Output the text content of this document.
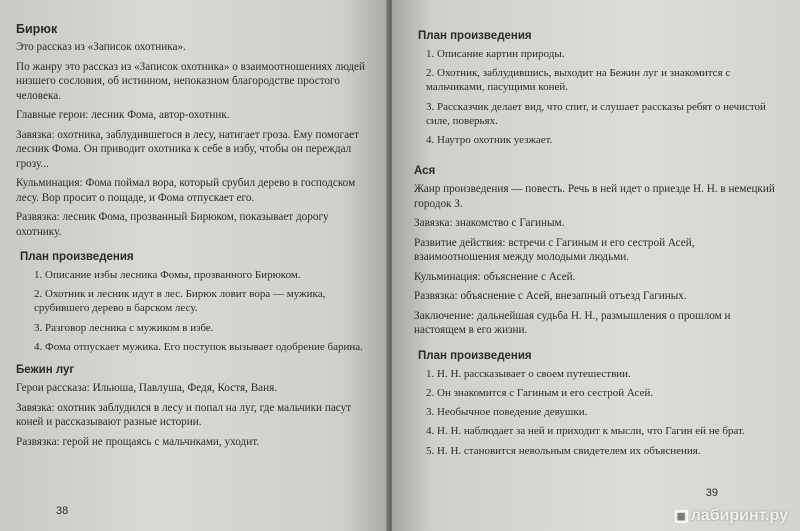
Бирюк
Это рассказ из «Записок охотника».
По жанру это рассказ из «Записок охотника» о взаимоотношениях людей низшего сословия, об истинном, непоказном благородстве простого человека.
Главные герои: лесник Фома, автор-охотник.
Завязка: охотника, заблудившегося в лесу, натигает гроза. Ему помогает лесник Фома. Он приводит охотника к себе в избу, чтобы он переждал грозу...
Кульминация: Фома поймал вора, который срубил дерево в господском лесу. Вор просит о пощаде, и Фома отпускает его.
Развязка: лесник Фома, прозванный Бирюком, показывает дорогу охотнику.
План произведения
1. Описание избы лесника Фомы, прозванного Бирюком.
2. Охотник и лесник идут в лес. Бирюк ловит вора — мужика, срубившего дерево в барском лесу.
3. Разговор лесника с мужиком в избе.
4. Фома отпускает мужика. Его поступок вызывает одобрение барина.
Бежин луг
Герои рассказа: Ильюша, Павлуша, Федя, Костя, Ваня.
Завязка: охотник заблудился в лесу и попал на луг, где мальчики пасут коней и рассказывают разные истории.
Развязка: герой не прощаясь с мальчиками, уходит.
38
План произведения
1. Описание картин природы.
2. Охотник, заблудившись, выходит на Бежин луг и знакомится с мальчиками, пасущими коней.
3. Рассказчик делает вид, что спит, и слушает рассказы ребят о нечистой силе, поверьях.
4. Наутро охотник уезжает.
Ася
Жанр произведения — повесть. Речь в ней идет о приезде Н. Н. в немецкий городок З.
Завязка: знакомство с Гагиным.
Развитие действия: встречи с Гагиным и его сестрой Асей, взаимоотношения между молодыми людьми.
Кульминация: объяснение с Асей.
Развязка: объяснение с Асей, внезапный отъезд Гагиных.
Заключение: дальнейшая судьба Н. Н., размышления о прошлом и настоящем в его жизни.
План произведения
1. Н. Н. рассказывает о своем путешествии.
2. Он знакомится с Гагиным и его сестрой Асей.
3. Необычное поведение девушки.
4. Н. Н. наблюдает за ней и приходит к мысли, что Гагин ей не брат.
5. Н. Н. становится невольным свидетелем их объяснения.
39
▦ лабиринт.ру
